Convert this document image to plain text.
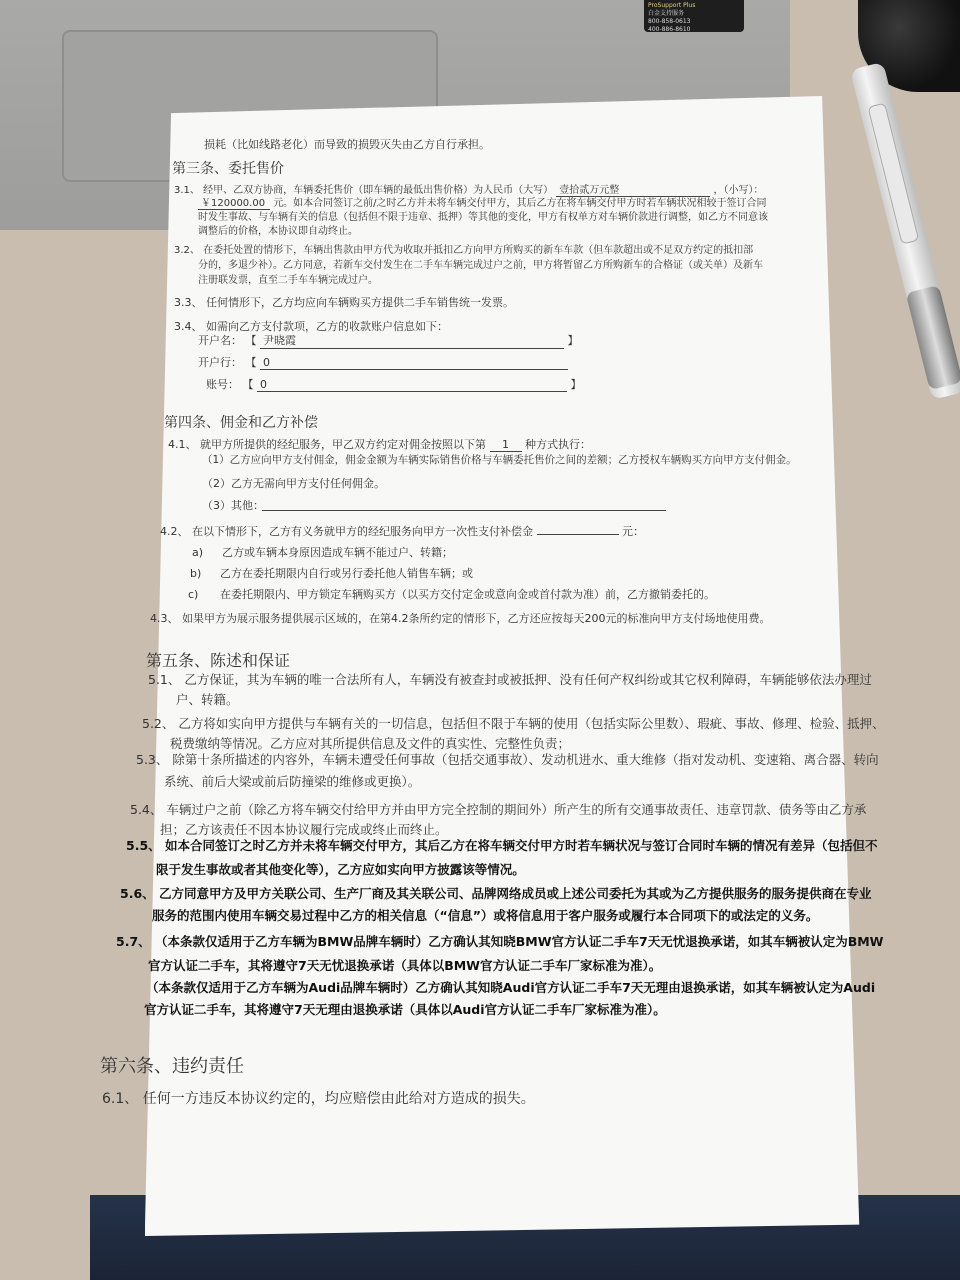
ProSupport Plus
白金支持服务
800-858-0613
400-886-8610
损耗（比如线路老化）而导致的损毁灭失由乙方自行承担。
第三条、委托售价
3.1、 经甲、乙双方协商，车辆委托售价（即车辆的最低出售价格）为人民币（大写） 壹拾贰万元整	，（小写）：
￥120000.00 元。如本合同签订之前/之时乙方并未将车辆交付甲方，其后乙方在将车辆交付甲方时若车辆状况相较于签订合同
时发生事故、与车辆有关的信息（包括但不限于违章、抵押）等其他的变化，甲方有权单方对车辆价款进行调整，如乙方不同意该
调整后的价格，本协议即自动终止。
3.2、 在委托处置的情形下，车辆出售款由甲方代为收取并抵扣乙方向甲方所购买的新车车款（但车款超出或不足双方约定的抵扣部
分的，多退少补）。乙方同意，若新车交付发生在二手车车辆完成过户之前，甲方将暂留乙方所购新车的合格证（或关单）及新车
注册联发票，直至二手车车辆完成过户。
3.3、 任何情形下，乙方均应向车辆购买方提供二手车销售统一发票。
3.4、 如需向乙方支付款项，乙方的收款账户信息如下：
开户名： 【 尹晓霞	】
开户行： 【 0
账号： 【 0	】
第四条、佣金和乙方补偿
4.1、 就甲方所提供的经纪服务，甲乙双方约定对佣金按照以下第 1 种方式执行：
（1）乙方应向甲方支付佣金，佣金金额为车辆实际销售价格与车辆委托售价之间的差额；乙方授权车辆购买方向甲方支付佣金。
（2）乙方无需向甲方支付任何佣金。
（3）其他：
4.2、 在以下情形下，乙方有义务就甲方的经纪服务向甲方一次性支付补偿金	元：
a) 乙方或车辆本身原因造成车辆不能过户、转籍；
b) 乙方在委托期限内自行或另行委托他人销售车辆；或
c) 在委托期限内、甲方锁定车辆购买方（以买方交付定金或意向金或首付款为准）前，乙方撤销委托的。
4.3、 如果甲方为展示服务提供展示区域的，在第4.2条所约定的情形下，乙方还应按每天200元的标准向甲方支付场地使用费。
第五条、陈述和保证
5.1、 乙方保证，其为车辆的唯一合法所有人，车辆没有被查封或被抵押、没有任何产权纠纷或其它权利障碍，车辆能够依法办理过
户、转籍。
5.2、 乙方将如实向甲方提供与车辆有关的一切信息，包括但不限于车辆的使用（包括实际公里数）、瑕疵、事故、修理、检验、抵押、
税费缴纳等情况。乙方应对其所提供信息及文件的真实性、完整性负责；
5.3、 除第十条所描述的内容外，车辆未遭受任何事故（包括交通事故）、发动机进水、重大维修（指对发动机、变速箱、离合器、转向
系统、前后大梁或前后防撞梁的维修或更换）。
5.4、 车辆过户之前（除乙方将车辆交付给甲方并由甲方完全控制的期间外）所产生的所有交通事故责任、违章罚款、债务等由乙方承
担；乙方该责任不因本协议履行完成或终止而终止。
5.5、 如本合同签订之时乙方并未将车辆交付甲方，其后乙方在将车辆交付甲方时若车辆状况与签订合同时车辆的情况有差异（包括但不
限于发生事故或者其他变化等），乙方应如实向甲方披露该等情况。
5.6、 乙方同意甲方及甲方关联公司、生产厂商及其关联公司、品牌网络成员或上述公司委托为其或为乙方提供服务的服务提供商在专业
服务的范围内使用车辆交易过程中乙方的相关信息（“信息”）或将信息用于客户服务或履行本合同项下的或法定的义务。
5.7、 （本条款仅适用于乙方车辆为BMW品牌车辆时）乙方确认其知晓BMW官方认证二手车7天无忧退换承诺，如其车辆被认定为BMW
官方认证二手车，其将遵守7天无忧退换承诺（具体以BMW官方认证二手车厂家标准为准）。
（本条款仅适用于乙方车辆为Audi品牌车辆时）乙方确认其知晓Audi官方认证二手车7天无理由退换承诺，如其车辆被认定为Audi
官方认证二手车，其将遵守7天无理由退换承诺（具体以Audi官方认证二手车厂家标准为准）。
第六条、违约责任
6.1、 任何一方违反本协议约定的，均应赔偿由此给对方造成的损失。
